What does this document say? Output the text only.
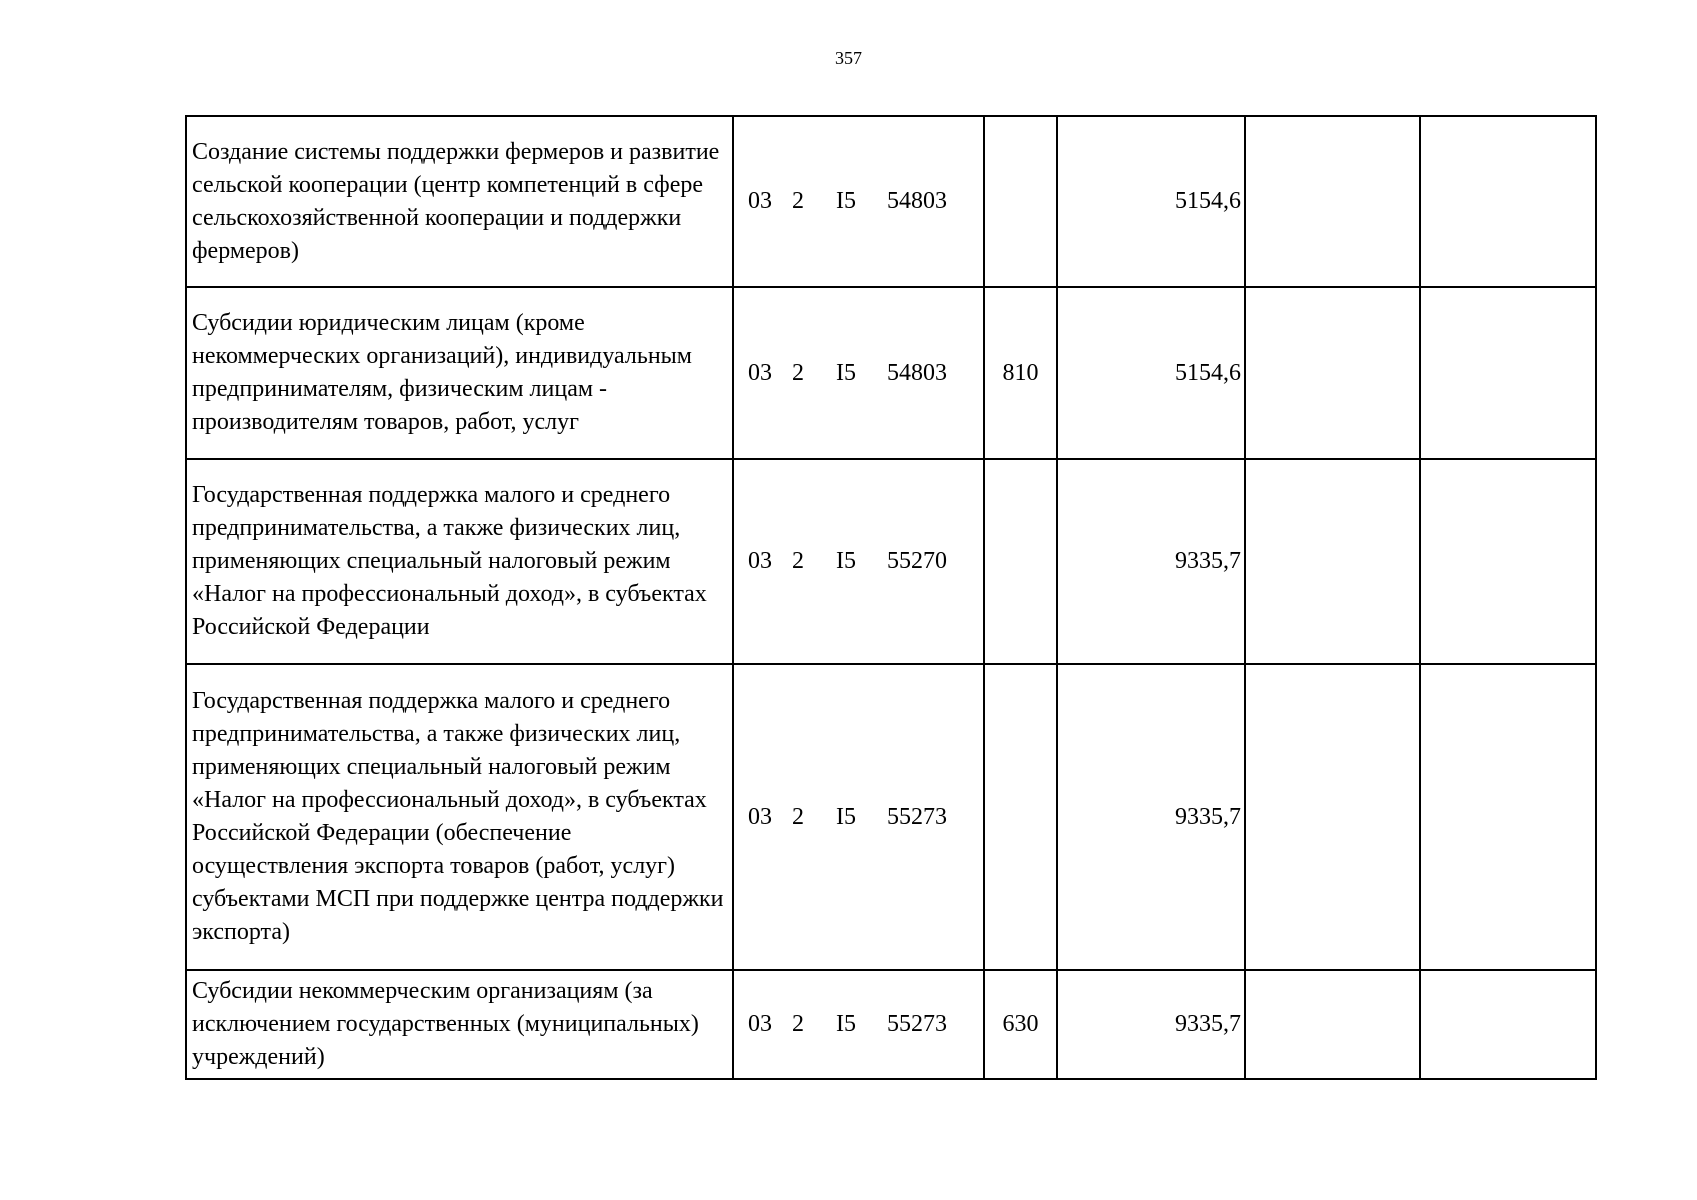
357
Создание системы поддержки фермеров и развитие сельской кооперации (центр компетенций в сфере сельскохозяйственной кооперации и поддержки фермеров)	03 2 I5 54803		5154,6		
Субсидии юридическим лицам (кроме некоммерческих организаций), индивидуальным предпринимателям, физическим лицам - производителям товаров, работ, услуг	03 2 I5 54803	810	5154,6		
Государственная поддержка малого и среднего предпринимательства, а также физических лиц, применяющих специальный налоговый режим «Налог на профессиональный доход», в субъектах Российской Федерации	03 2 I5 55270		9335,7		
Государственная поддержка малого и среднего предпринимательства, а также физических лиц, применяющих специальный налоговый режим «Налог на профессиональный доход», в субъектах Российской Федерации (обеспечение осуществления экспорта товаров (работ, услуг) субъектами МСП при поддержке центра поддержки экспорта)	03 2 I5 55273		9335,7		
Субсидии некоммерческим организациям (за исключением государственных (муниципальных) учреждений)	03 2 I5 55273	630	9335,7		
